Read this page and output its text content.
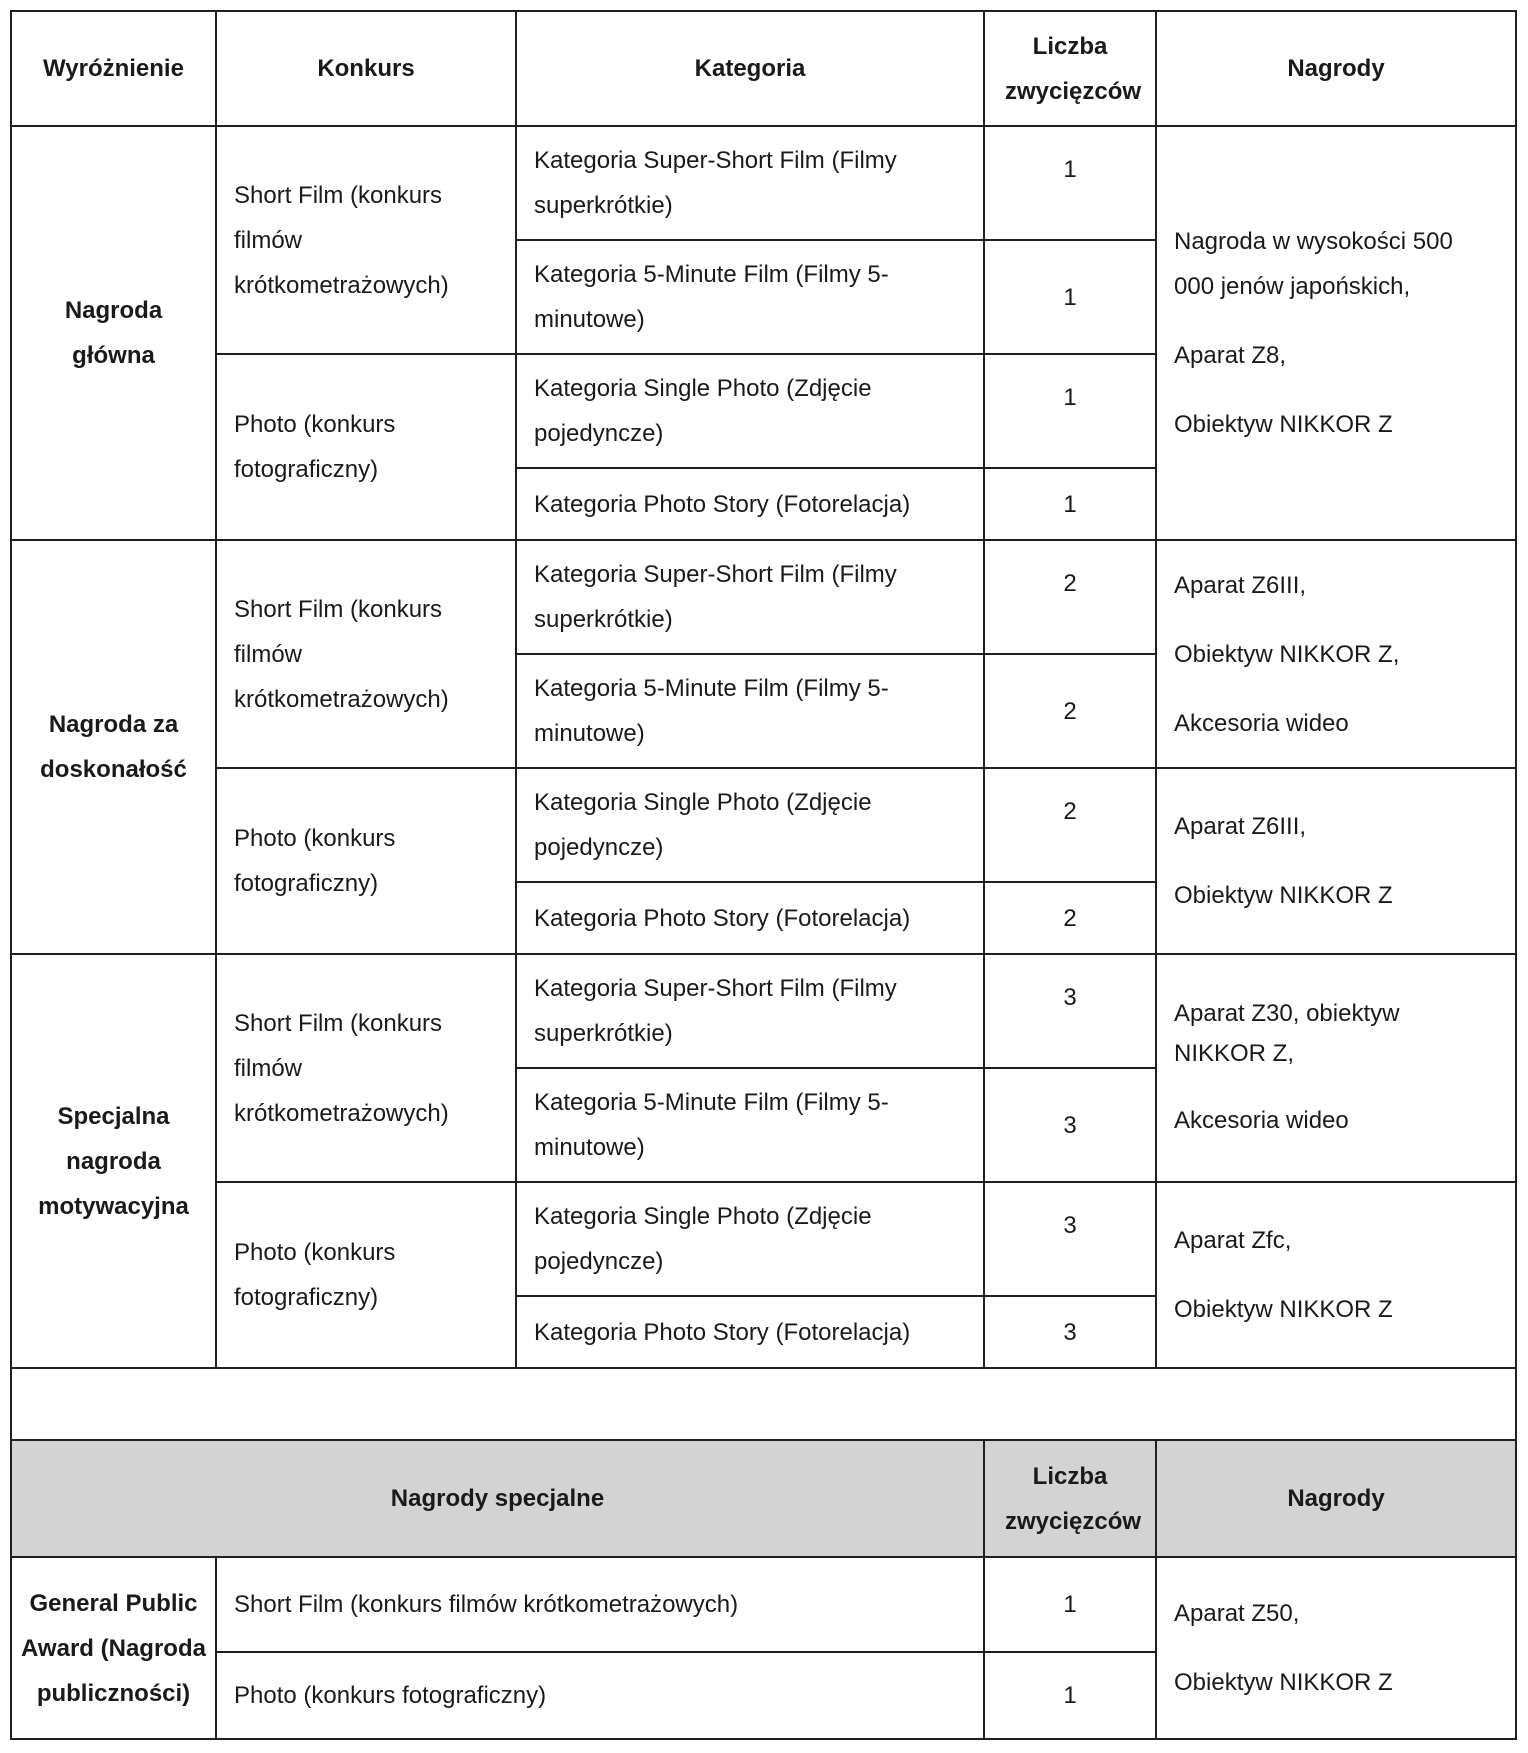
Wyróżnienie	Konkurs	Kategoria	Liczba zwycięzców	Nagrody
Nagroda główna	Short Film (konkurs filmów krótkometrażowych)	Kategoria Super-Short Film (Filmy superkrótkie)	1	Nagroda w wysokości 500 000 jenów japońskich,
Aparat Z8,
Obiektyw NIKKOR Z

		Kategoria 5-Minute Film (Filmy 5-minutowe)	1	
	Photo (konkurs fotograficzny)	Kategoria Single Photo (Zdjęcie pojedyncze)	1	
		Kategoria Photo Story (Fotorelacja)	1	
Nagroda za doskonałość	Short Film (konkurs filmów krótkometrażowych)	Kategoria Super-Short Film (Filmy superkrótkie)	2	Aparat Z6III,
Obiektyw NIKKOR Z,
Akcesoria wideo

		Kategoria 5-Minute Film (Filmy 5-minutowe)	2	
	Photo (konkurs fotograficzny)	Kategoria Single Photo (Zdjęcie pojedyncze)	2	Aparat Z6III,
Obiektyw NIKKOR Z

		Kategoria Photo Story (Fotorelacja)	2	
Specjalna nagroda motywacyjna	Short Film (konkurs filmów krótkometrażowych)	Kategoria Super-Short Film (Filmy superkrótkie)	3	Aparat Z30, obiektyw NIKKOR Z,
Akcesoria wideo

		Kategoria 5-Minute Film (Filmy 5-minutowe)	3	
	Photo (konkurs fotograficzny)	Kategoria Single Photo (Zdjęcie pojedyncze)	3	Aparat Zfc,
Obiektyw NIKKOR Z

		Kategoria Photo Story (Fotorelacja)	3	

Nagrody specjalne			Liczba zwycięzców	Nagrody
General Public Award (Nagroda publiczności)	Short Film (konkurs filmów krótkometrażowych)		1	Aparat Z50,
Obiektyw NIKKOR Z

	Photo (konkurs fotograficzny)		1	
